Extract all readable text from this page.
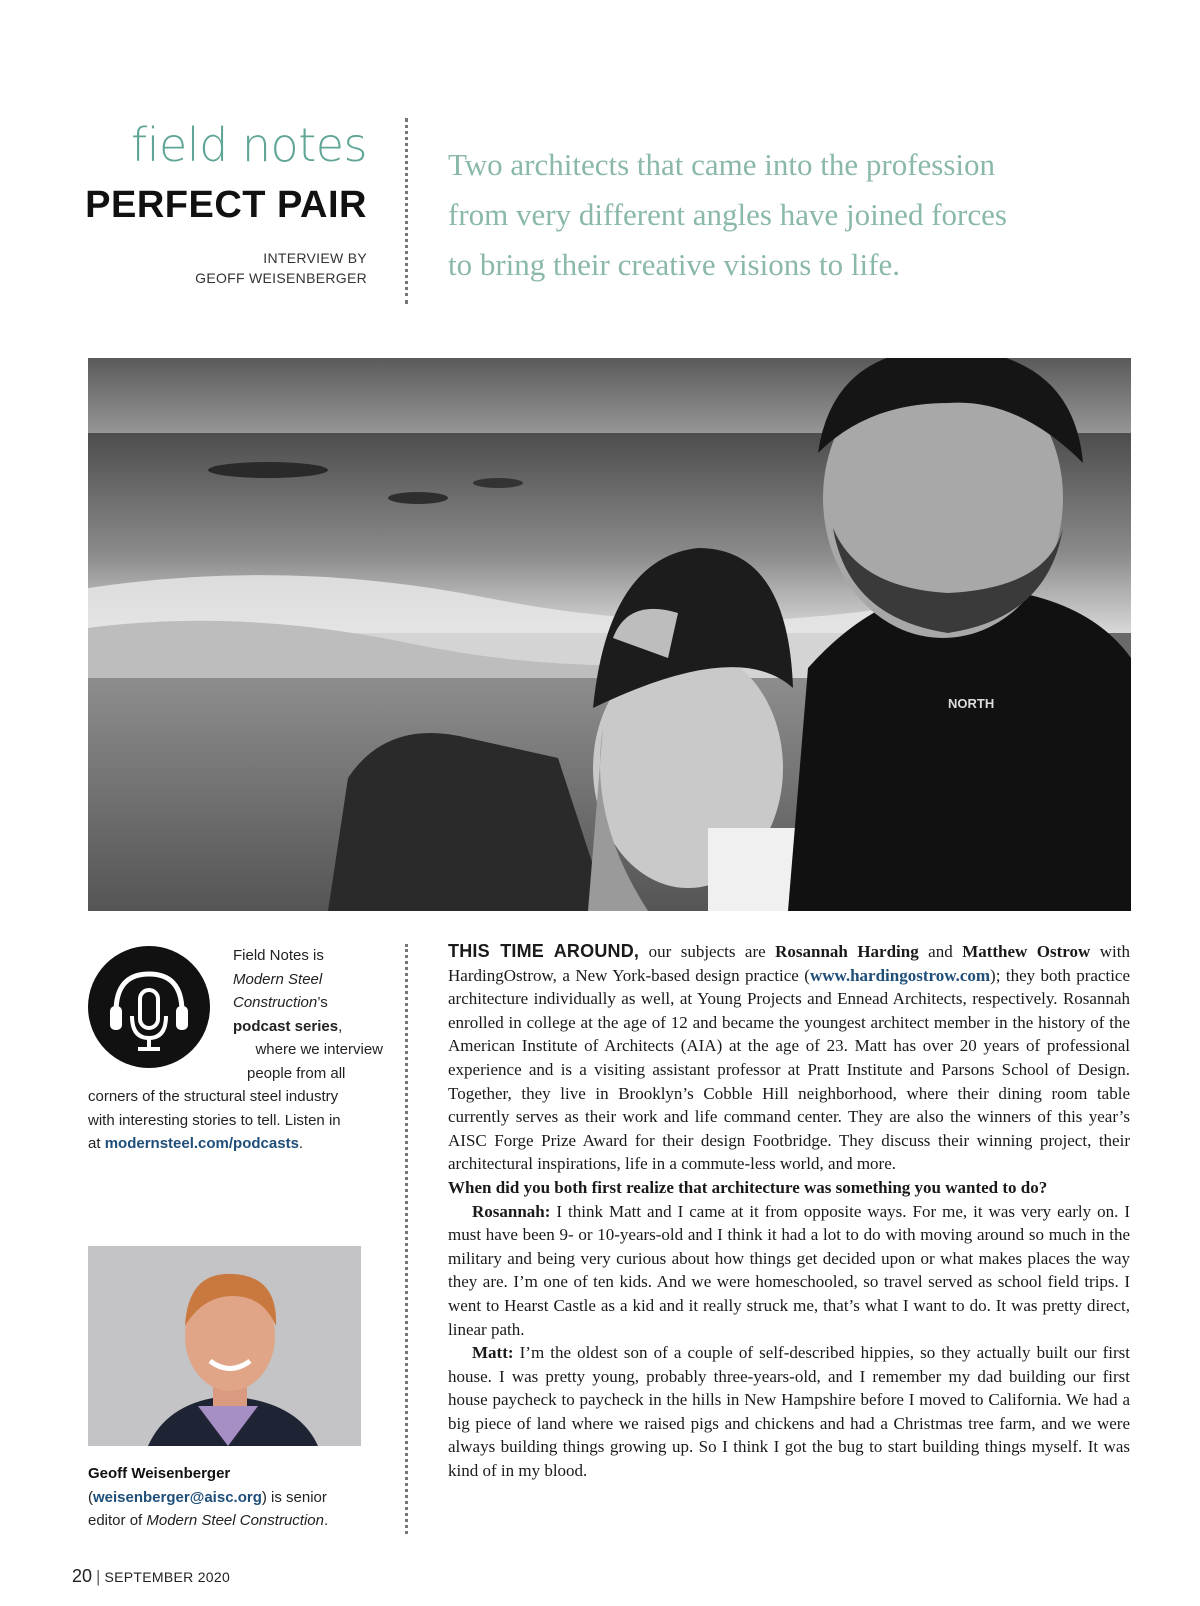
field notes
PERFECT PAIR
INTERVIEW BY
GEOFF WEISENBERGER
Two architects that came into the profession
from very different angles have joined forces
to bring their creative visions to life.
NORTH
Field Notes is
Modern Steel
Construction’s
podcast series,
where we interview
people from all
corners of the structural steel industry
with interesting stories to tell. Listen in
at modernsteel.com/podcasts.
Geoff Weisenberger
(weisenberger@aisc.org) is senior
editor of Modern Steel Construction.

THIS TIME AROUND, our subjects are Rosannah Harding and Matthew Ostrow with HardingOstrow, a New York-based design practice (www.hardingostrow.com); they both practice architecture individually as well, at Young Projects and Ennead Architects, respectively. Rosannah enrolled in college at the age of 12 and became the youngest architect member in the history of the American Institute of Architects (AIA) at the age of 23. Matt has over 20 years of professional experience and is a visiting assistant professor at Pratt Institute and Parsons School of Design. Together, they live in Brooklyn’s Cobble Hill neighborhood, where their dining room table currently serves as their work and life command center. They are also the winners of this year’s AISC Forge Prize Award for their design Footbridge. They discuss their winning project, their architectural inspirations, life in a commute-less world, and more.

When did you both first realize that architecture was something you wanted to do?

Rosannah: I think Matt and I came at it from opposite ways. For me, it was very early on. I must have been 9- or 10-years-old and I think it had a lot to do with moving around so much in the military and being very curious about how things get decided upon or what makes places the way they are. I’m one of ten kids. And we were homeschooled, so travel served as school field trips. I went to Hearst Castle as a kid and it really struck me, that’s what I want to do. It was pretty direct, linear path.

Matt: I’m the oldest son of a couple of self-described hippies, so they actually built our first house. I was pretty young, probably three-years-old, and I remember my dad building our first house paycheck to paycheck in the hills in New Hampshire before I moved to California. We had a big piece of land where we raised pigs and chickens and had a Christmas tree farm, and we were always building things growing up. So I think I got the bug to start building things myself. It was kind of in my blood.

20 | SEPTEMBER 2020
